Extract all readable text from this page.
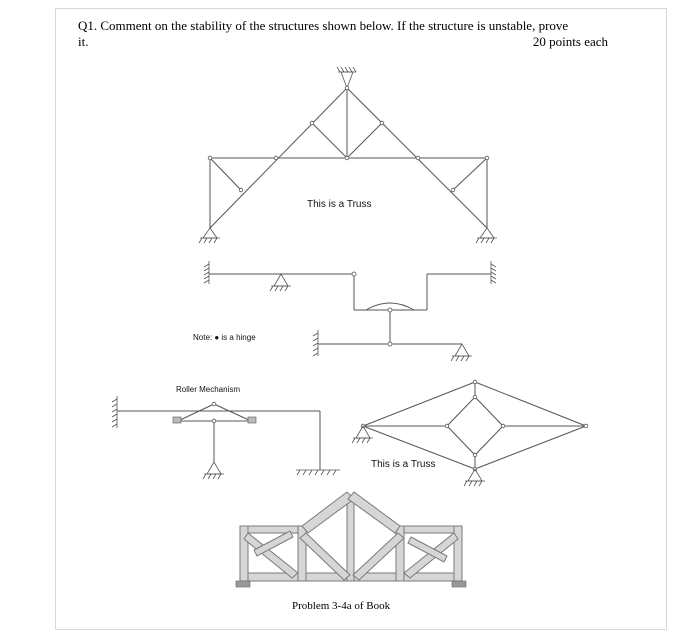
Q1. Comment on the stability of the structures shown below. If the structure is unstable, prove
it.	20 points each
This is a Truss
Note: ● is a hinge
Roller Mechanism
This is a Truss
Problem 3-4a of Book
